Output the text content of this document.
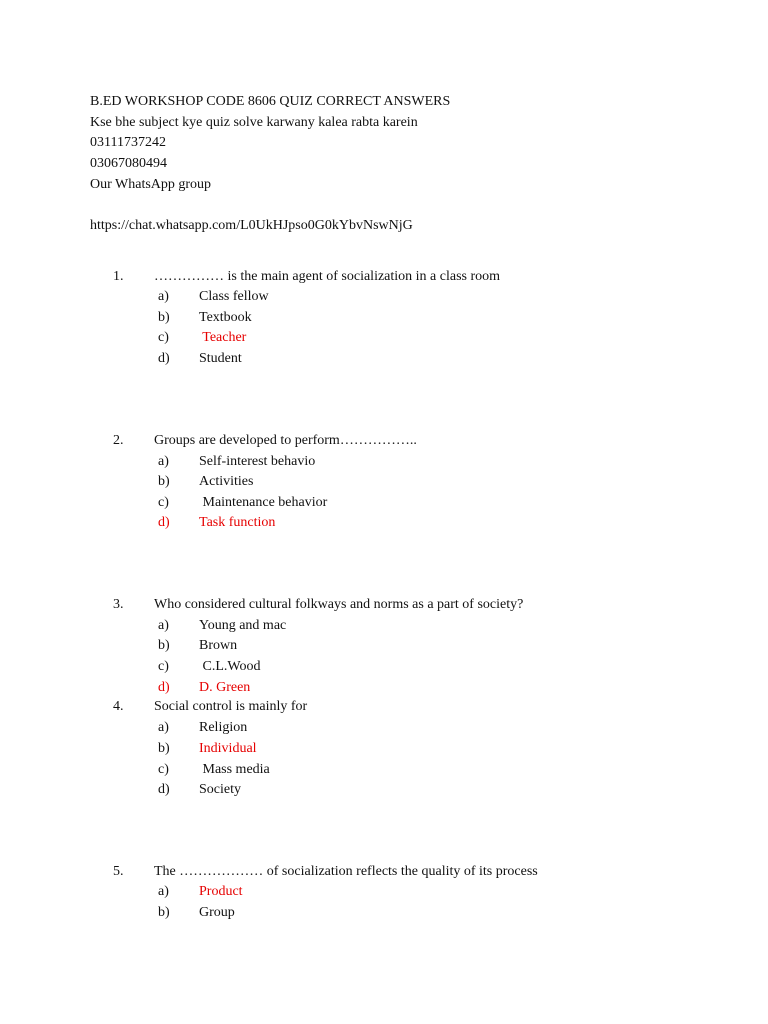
B.ED WORKSHOP CODE 8606 QUIZ CORRECT ANSWERS
Kse bhe subject kye quiz solve karwany kalea rabta karein
03111737242
03067080494
Our WhatsApp group
https://chat.whatsapp.com/L0UkHJpso0G0kYbvNswNjG
1. …………… is the main agent of socialization in a class room
a) Class fellow
b) Textbook
c) Teacher
d) Student
2. Groups are developed to perform……………..
a) Self-interest behavio
b) Activities
c) Maintenance behavior
d) Task function
3. Who considered cultural folkways and norms as a part of society?
a) Young and mac
b) Brown
c) C.L.Wood
d) D. Green
4. Social control is mainly for
a) Religion
b) Individual
c) Mass media
d) Society
5. The ……………… of socialization reflects the quality of its process
a) Product
b) Group
